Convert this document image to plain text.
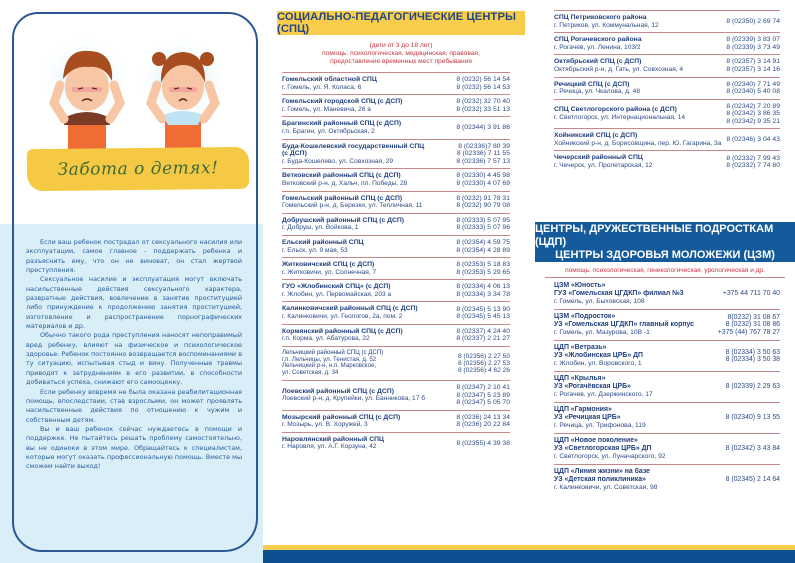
Забота о детях!

Если ваш ребенок пострадал от сексуального насилия или эксплуатации, самое главное - поддержать ребенка и разъяснить ему, что он не виноват, он стал жертвой преступления.

Сексуальное насилие и эксплуатация могут включать насильственные действия сексуального характера, развратные действия, вовлечение в занятие проституцией либо принуждение к продолжению занятия проституцией, изготовление и распространение порнографических материалов и др.

Обычно такого рода преступления наносят непоправимый вред ребенку, влияют на физическое и психологическое здоровье. Ребенок постоянно возвращается воспоминаниями в ту ситуацию, испытывая стыд и вину. Полученные травмы приводят к затруднениям в его развитии, в способности добиваться успеха, снижают его самооценку.

Если ребенку вовремя не была оказана реабилитационная помощь, впоследствии, став взрослыми, он может проявлять насильственные действия по отношению к чужим и собственным детям.

Вы и ваш ребенок сейчас нуждаетесь в помощи и поддержке. Не пытайтесь решать проблему самостоятельно, вы не одиноки в этом мире. Обращайтесь к специалистам, которые могут оказать профессиональную помощь. Вместе мы сможем найти выход!

СОЦИАЛЬНО-ПЕДАГОГИЧЕСКИЕ ЦЕНТРЫ (СПЦ)
(дети от 3 до 18 лет)
помощь: психологическая, медицинская, правовая,
предоставление временных мест пребывания
Гомельский областной СПЦ
г. Гомель, ул. Я. Коласа, 6
8 (0232) 56 14 54
8 (0232) 56 14 53
Гомельский городской СПЦ (с ДСП)
г. Гомель, ул. Маневича, 26 а
8 (0232) 32 70 40
8 (0232) 33 51 13
Брагинский районный СПЦ (с ДСП)
г.п. Брагин, ул. Октябрьская, 2
8 (02344) 3 91 86
Буда-Кошелевский государственный СПЦ
(с ДСП)
г. Буда-Кошелево, ул. Совхозная, 29
8 (02336)7 80 39
8 (02336) 7 11 55
8 (02336) 7 57 13
Ветковский районный СПЦ (с ДСП)
Ветковский р-н, д. Хальч, пл. Победы, 28
8 (02330) 4 45 98
8 (02330) 4 07 69
Гомельский районный СПЦ (с ДСП)
Гомельский р-н, д. Березки, ул. Тепличная, 11
8 (0232) 91 78 31
8 (0232) 90 79 08
Добрушский районный СПЦ (с ДСП)
г. Добруш, ул. Войкова, 1
8 (02333) 5 07 95
8 (02333) 5 07 96
Ельский районный СПЦ
г. Ельск, ул. 9 мая, 53
8 (02354) 4 59 75
8 (02354) 4 28 89
Житковичский СПЦ (с ДСП)
г. Житковичи, ул. Солнечная, 7
8 (02353) 5 18 83
8 (02353) 5 29 65
ГУО «Жлобинский СПЦ» (с ДСП)
г. Жлобин, ул. Первомайская, 203 а
8 (02334) 4 06 13
8 (02334) 3 34 78
Калинковичский районный СПЦ (с ДСП)
г. Калинковичи, ул. Геологов, 2а, пом. 2
8 (02345) 5 13 90
8 (02345) 5 45 13
Кормянский районный СПЦ (с ДСП)
г.п. Корма, ул. Абатурова, 22
8 (02337) 4 24 40
8 (02337) 2 21 27
Лельчицкий районный СПЦ (с ДСП)
г.п. Лельчицы, ул. Тенистая, д. 52
Лельчицкий р-н, н.п. Марковское,
ул. Советская, д. 34
8 (02356) 2 27 50
8 (02356) 2 27 53
8 (02356) 4 62 26
Лоевский районный СПЦ (с ДСП)
Лоевский р-н, д. Крупейки, ул. Банникова, 17 б
8 (02347) 2 10 41
8 (02347) 5 23 89
8 (02347) 5 05 70
Мозырский районный СПЦ (с ДСП)
г. Мозырь, ул. В. Хоружей, 3
8 (0236) 24 13 34
8 (0236) 20 22 84
Наровлянский районный СПЦ
г. Наровля, ул. А.Г. Корзуна, 42
8 (02355) 4 39 38
СПЦ Петриковского района
г. Петриков, ул. Коммунальная, 12
8 (02350) 2 69 74
СПЦ Рогачевского района
г. Рогачев, ул. Ленина, 103/2
8 (02339) 3 83 07
8 (02339) 3 73 49
Октябрьский СПЦ (с ДСП)
Октябрьский р-н, д. Гать, ул. Совхозная, 4
8 (02357) 3 14 91
8 (02357) 3 14 16
Речицкий СПЦ (с ДСП)
г. Речица, ул. Чкалова, д. 48
8 (02340) 7 71 49
8 (02340) 5 40 08
СПЦ Светлогорского района (с ДСП)
г. Светлогорск, ул. Интернациональная, 14
8 (02342) 7 20 89
8 (02342) 3 86 35
8 (02342) 9 35 21
Хойникский СПЦ (с ДСП)
Хойникский р-н, д. Борисовщина, пер. Ю. Гагарина, 3а
8 (02346) 3 04 43
Чечерский районный СПЦ
г. Чечерск, ул. Пролетарская, 12
8 (02332) 7 99 43
8 (02332) 7 74 80
ЦЕНТРЫ, ДРУЖЕСТВЕННЫЕ ПОДРОСТКАМ (ЦДП)
ЦЕНТРЫ ЗДОРОВЬЯ МОЛОЖЕЖИ (ЦЗМ)
помощь: психологическая, гинекологическая, урологическая и др.
ЦЗМ «Юность»
ГУЗ «Гомельская ЦГДКП» филиал №3
г. Гомель, ул. Быховская, 108
+375 44 711 70 40
ЦЗМ «Подросток»
УЗ «Гомельская ЦГДКП» главный корпус
г. Гомель, ул. Мазурова, 10В -1
8(0232) 31 08 67
8 (0232) 31 08 86
+375 (44) 767 78 27
ЦДП «Ветразь»
УЗ «Жлобинская ЦРБ» ДП
г. Жлобин, ул. Воровского, 1
8 (02334) 3 50 63
8 (02334) 3 50 38
ЦДП «Крылья»
УЗ «Рогачёвская ЦРБ»
г. Рогачев, ул. Дзержинского, 17
8 (02339) 2 29 63
ЦДП «Гармония»
УЗ «Речицкая ЦРБ»
г. Речица, ул. Трифонова, 119
8 (02340) 9 13 55
ЦДП «Новое поколение»
УЗ «Светлогорская ЦРБ» ДП
г. Светлогорск, ул. Луначарского, 92
8 (02342) 3 43 84
ЦДП «Линия жизни» на базе
УЗ «Детская поликлиника»
г. Калинковичи, ул. Советская, 98
8 (02345) 2 14 64
